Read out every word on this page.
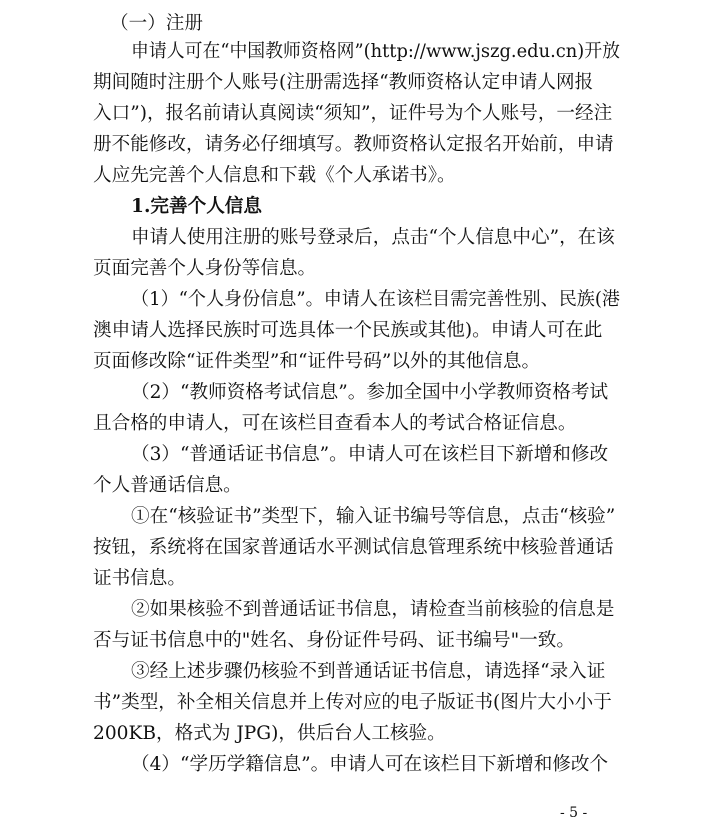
（一）注册

申请人可在“中国教师资格网”(http://www.jszg.edu.cn)开放

期间随时注册个人账号(注册需选择“教师资格认定申请人网报

入口”)，报名前请认真阅读“须知”，证件号为个人账号，一经注

册不能修改，请务必仔细填写。教师资格认定报名开始前，申请

人应先完善个人信息和下载《个人承诺书》。

1.完善个人信息

申请人使用注册的账号登录后，点击“个人信息中心”，在该

页面完善个人身份等信息。

（1）“个人身份信息”。申请人在该栏目需完善性别、民族(港

澳申请人选择民族时可选具体一个民族或其他)。申请人可在此

页面修改除“证件类型”和“证件号码”以外的其他信息。

（2）“教师资格考试信息”。参加全国中小学教师资格考试

且合格的申请人，可在该栏目查看本人的考试合格证信息。

（3）“普通话证书信息”。申请人可在该栏目下新增和修改

个人普通话信息。

①在“核验证书”类型下，输入证书编号等信息，点击“核验”

按钮，系统将在国家普通话水平测试信息管理系统中核验普通话

证书信息。

②如果核验不到普通话证书信息，请检查当前核验的信息是

否与证书信息中的"姓名、身份证件号码、证书编号"一致。

③经上述步骤仍核验不到普通话证书信息，请选择“录入证

书”类型，补全相关信息并上传对应的电子版证书(图片大小小于

200KB，格式为 JPG)，供后台人工核验。

（4）“学历学籍信息”。申请人可在该栏目下新增和修改个

- 5 -
